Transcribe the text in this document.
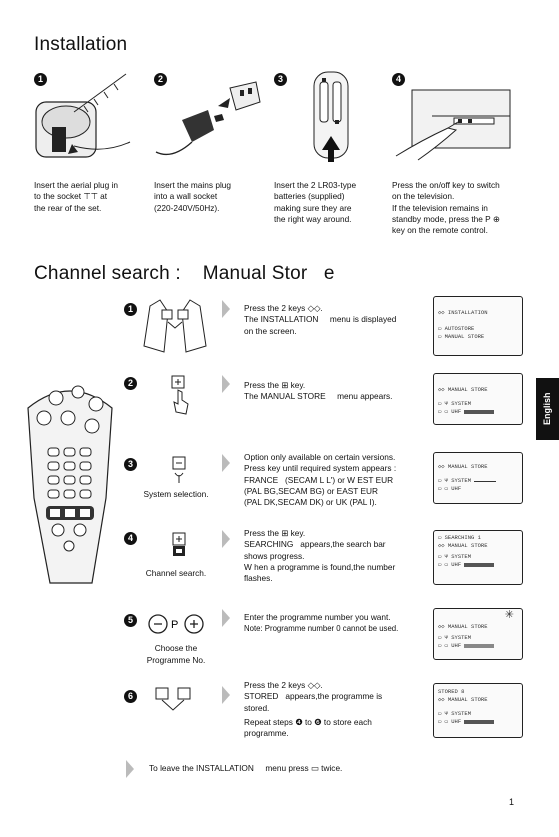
Installation
1	2	3	4
Insert the aerial plug in
to the socket ⊤⊤ at
the rear of the set.
Insert the mains plug
into a wall socket
(220-240V/50Hz).
Insert the 2 LR03-type
batteries (supplied)
making sure they are
the right way around.
Press the on/off key to switch
on the television.
If the television remains in
standby mode, press the P ⊕
key on the remote control.
Channel search :    Manual Stor   e
1
2
3
4
5
6
System selection.
Channel search.
P
Choose the
Programme No.
Press the 2 keys ◇◇.
The INSTALLATION     menu is displayed
on the screen.
Press the ⊞ key.
The MANUAL STORE     menu appears.
Option only available on certain versions.
Press key until required system appears :
FRANCE   (SECAM L L') or W EST EUR
(PAL BG,SECAM BG) or EAST EUR
(PAL DK,SECAM DK) or UK (PAL I).
Press the ⊞ key.
SEARCHING   appears,the search bar
shows progress.
W hen a programme is found,the number
flashes.
Enter the programme number you want.
Note: Programme number 0 cannot be used.
Press the 2 keys ◇◇.
STORED   appears,the programme is
stored.
Repeat steps ❹ to ❻ to store each
programme.
◇◇ INSTALLATION
▭ AUTOSTORE
▭ MANUAL STORE
◇◇ MANUAL STORE
▭ Ψ SYSTEM
▭ ▭ UHF
◇◇ MANUAL STORE
▭ Ψ SYSTEM
▭ ▭ UHF
▭ SEARCHING 1
◇◇ MANUAL STORE
▭ Ψ SYSTEM
▭ ▭ UHF
✳
◇◇ MANUAL STORE
▭ Ψ SYSTEM
▭ ▭ UHF
STORED 8
◇◇ MANUAL STORE
▭ Ψ SYSTEM
▭ ▭ UHF
To leave the INSTALLATION     menu press ▭ twice.
English
1
